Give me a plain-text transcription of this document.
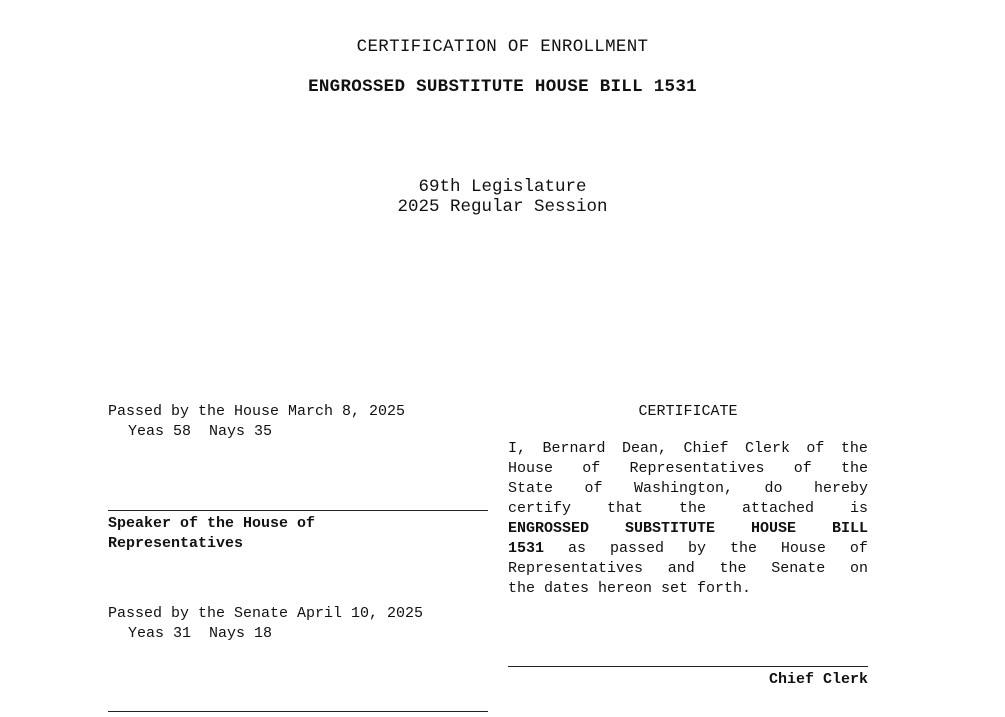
CERTIFICATION OF ENROLLMENT
ENGROSSED SUBSTITUTE HOUSE BILL 1531
69th Legislature
2025 Regular Session
Passed by the House March 8, 2025
Yeas 58  Nays 35
Speaker of the House of
Representatives
Passed by the Senate April 10, 2025
Yeas 31  Nays 18
CERTIFICATE
I, Bernard Dean, Chief Clerk of the
House of Representatives of the
State of Washington, do hereby
certify that the attached is
ENGROSSED SUBSTITUTE HOUSE BILL
1531 as passed by the House of
Representatives and the Senate on
the dates hereon set forth.
Chief Clerk
